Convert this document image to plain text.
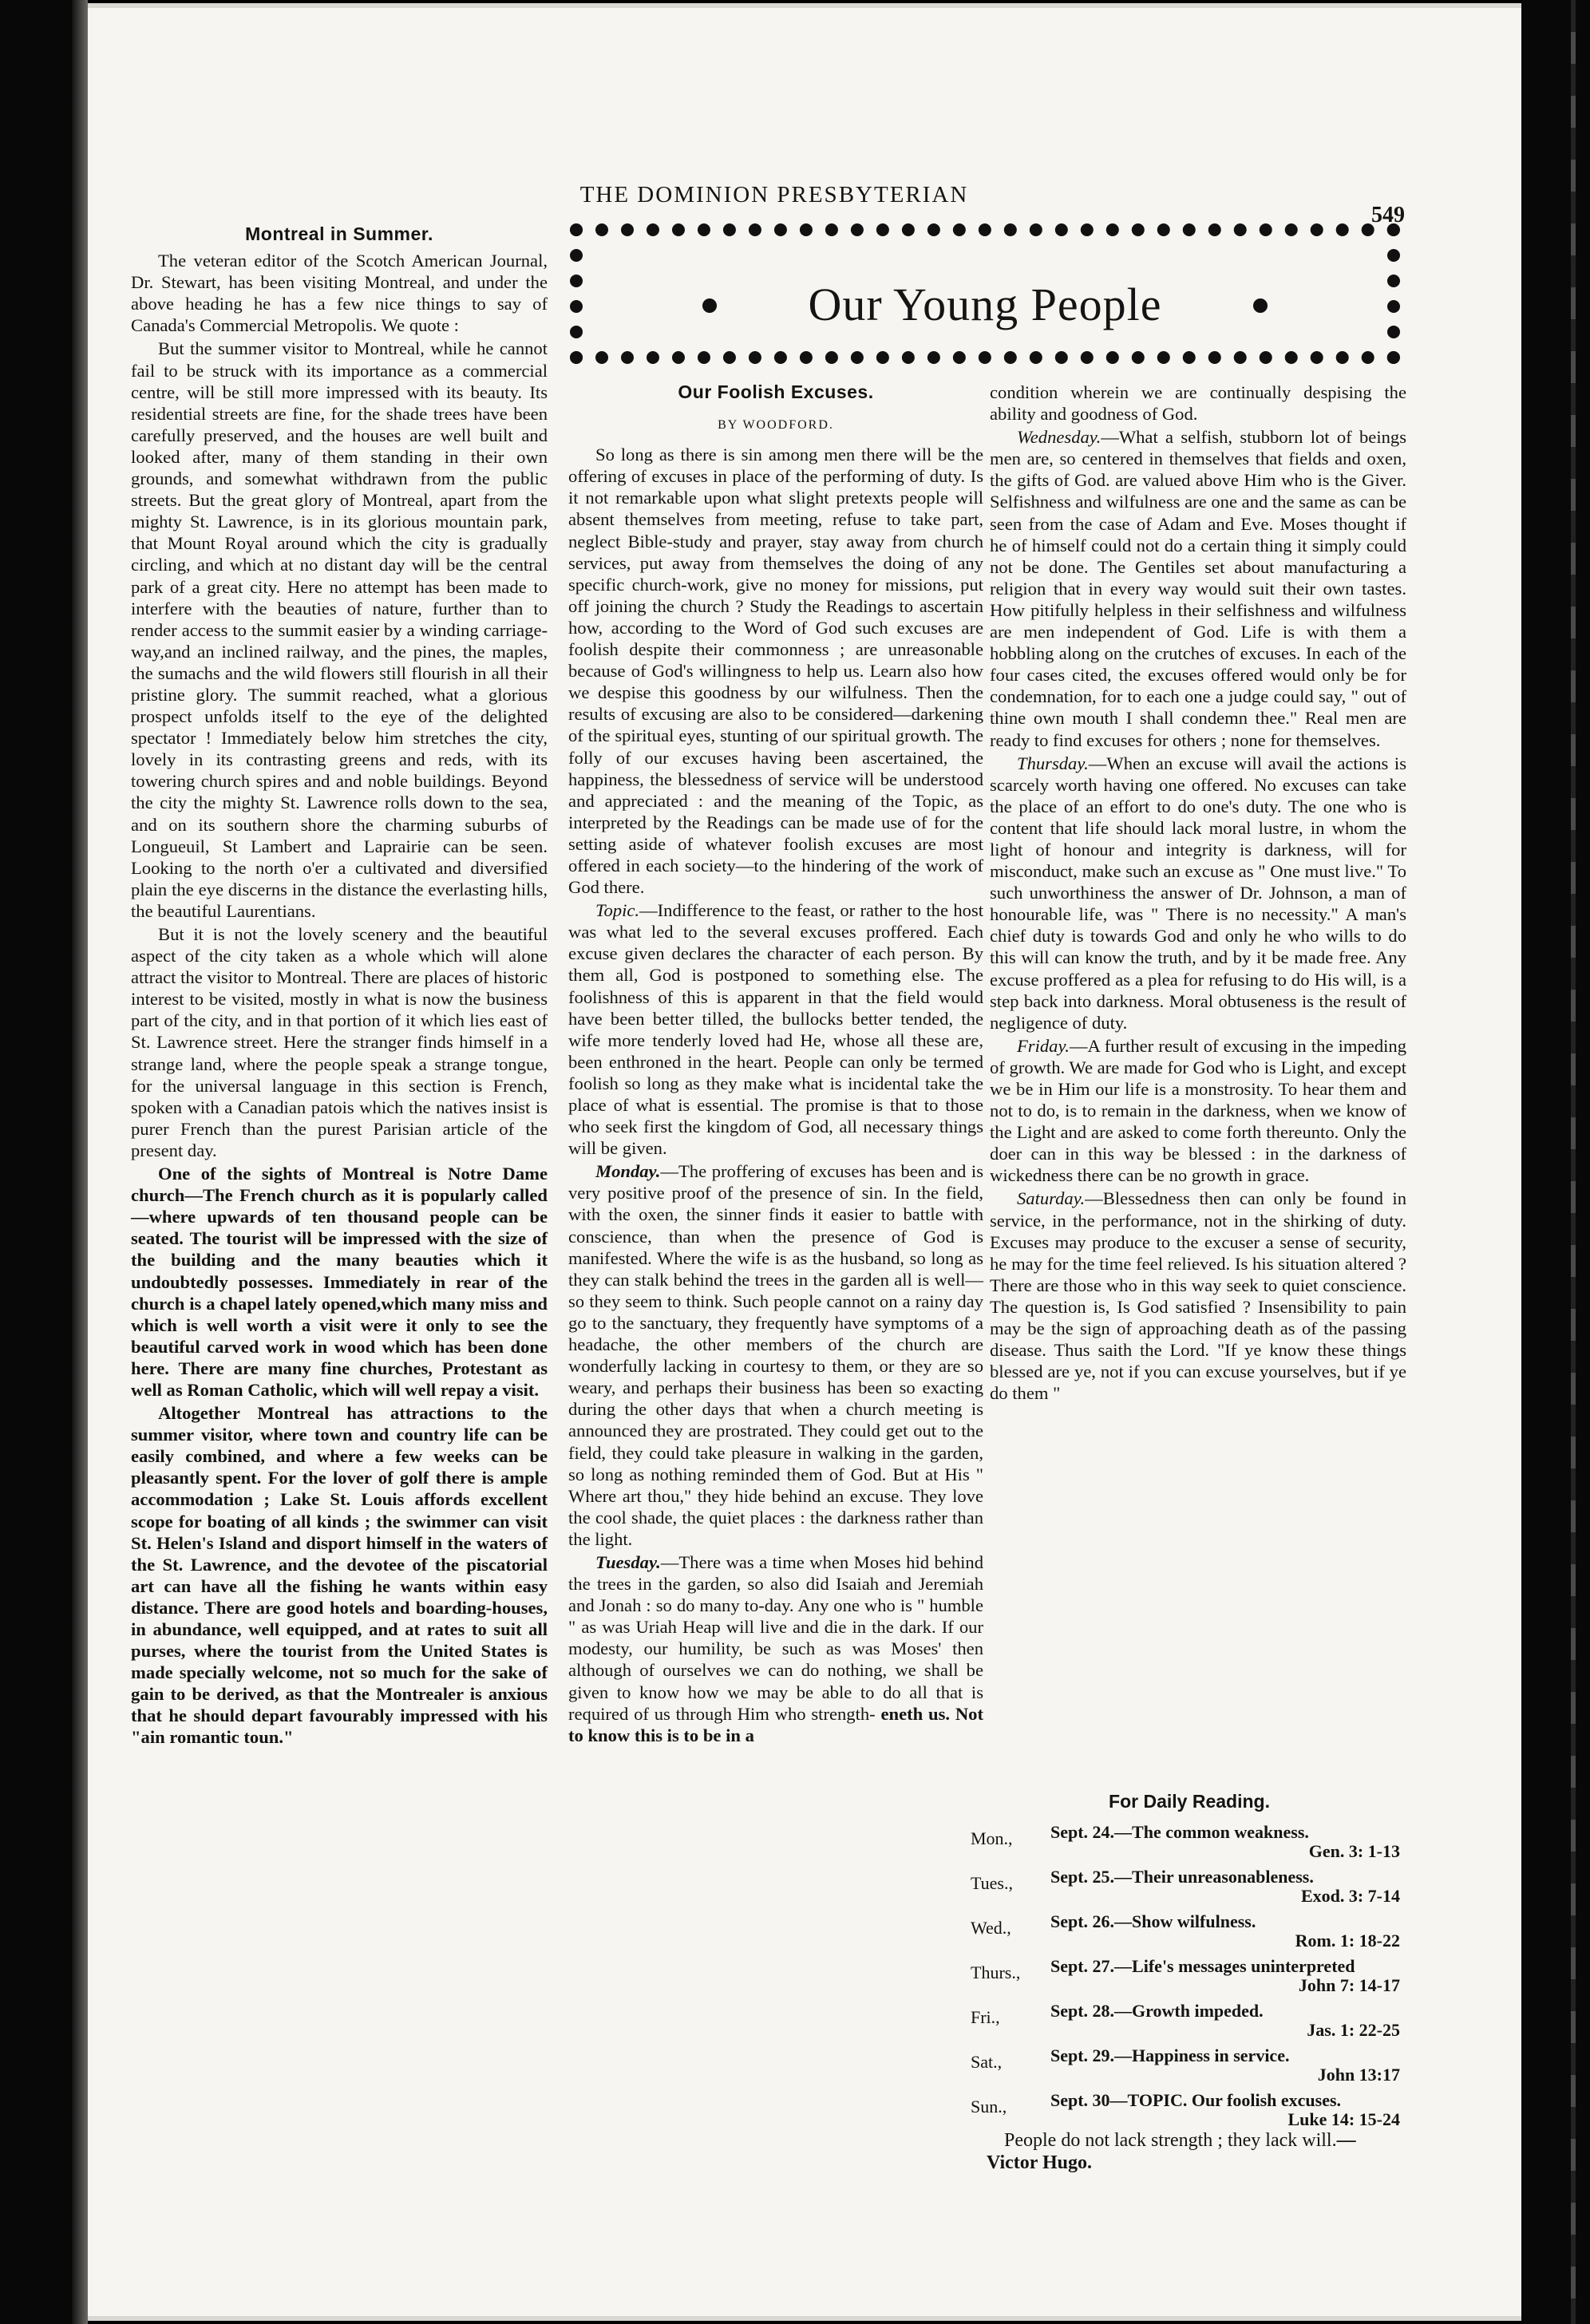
THE DOMINION PRESBYTERIAN
549
Montreal in Summer.

The veteran editor of the Scotch American Journal, Dr. Stewart, has been visiting Montreal, and under the above heading he has a few nice things to say of Canada's Commercial Metropolis. We quote :

But the summer visitor to Montreal, while he cannot fail to be struck with its importance as a commercial centre, will be still more impressed with its beauty. Its residential streets are fine, for the shade trees have been carefully preserved, and the houses are well built and looked after, many of them standing in their own grounds, and somewhat withdrawn from the public streets. But the great glory of Montreal, apart from the mighty St. Lawrence, is in its glorious mountain park, that Mount Royal around which the city is gradually circling, and which at no distant day will be the central park of a great city. Here no attempt has been made to interfere with the beauties of nature, further than to render access to the summit easier by a winding carriage-way,and an inclined railway, and the pines, the maples, the sumachs and the wild flowers still flourish in all their pristine glory. The summit reached, what a glorious prospect unfolds itself to the eye of the delighted spectator ! Immediately below him stretches the city, lovely in its contrasting greens and reds, with its towering church spires and and noble buildings. Beyond the city the mighty St. Lawrence rolls down to the sea, and on its southern shore the charming suburbs of Longueuil, St Lambert and Laprairie can be seen. Looking to the north o'er a cultivated and diversified plain the eye discerns in the distance the everlasting hills, the beautiful Laurentians.

But it is not the lovely scenery and the beautiful aspect of the city taken as a whole which will alone attract the visitor to Montreal. There are places of historic interest to be visited, mostly in what is now the business part of the city, and in that portion of it which lies east of St. Lawrence street. Here the stranger finds himself in a strange land, where the people speak a strange tongue, for the universal language in this section is French, spoken with a Canadian patois which the natives insist is purer French than the purest Parisian article of the present day.

One of the sights of Montreal is Notre Dame church—The French church as it is popularly called—where upwards of ten thousand people can be seated. The tourist will be impressed with the size of the building and the many beauties which it undoubtedly possesses. Immediately in rear of the church is a chapel lately opened,which many miss and which is well worth a visit were it only to see the beautiful carved work in wood which has been done here. There are many fine churches, Protestant as well as Roman Catholic, which will well repay a visit.

Altogether Montreal has attractions to the summer visitor, where town and country life can be easily combined, and where a few weeks can be pleasantly spent. For the lover of golf there is ample accommodation ; Lake St. Louis affords excellent scope for boating of all kinds ; the swimmer can visit St. Helen's Island and disport himself in the waters of the St. Lawrence, and the devotee of the piscatorial art can have all the fishing he wants within easy distance. There are good hotels and boarding-houses, in abundance, well equipped, and at rates to suit all purses, where the tourist from the United States is made specially welcome, not so much for the sake of gain to be derived, as that the Montrealer is anxious that he should depart favourably impressed with his "ain romantic toun."

Our Young People
Our Foolish Excuses.
BY WOODFORD.

So long as there is sin among men there will be the offering of excuses in place of the performing of duty. Is it not remarkable upon what slight pretexts people will absent themselves from meeting, refuse to take part, neglect Bible-study and prayer, stay away from church services, put away from themselves the doing of any specific church-work, give no money for missions, put off joining the church ? Study the Readings to ascertain how, according to the Word of God such excuses are foolish despite their commonness ; are unreasonable because of God's willingness to help us. Learn also how we despise this goodness by our wilfulness. Then the results of excusing are also to be considered—darkening of the spiritual eyes, stunting of our spiritual growth. The folly of our excuses having been ascertained, the happiness, the blessedness of service will be understood and appreciated : and the meaning of the Topic, as interpreted by the Readings can be made use of for the setting aside of whatever foolish excuses are most offered in each society—to the hindering of the work of God there.

Topic.—Indifference to the feast, or rather to the host was what led to the several excuses proffered. Each excuse given declares the character of each person. By them all, God is postponed to something else. The foolishness of this is apparent in that the field would have been better tilled, the bullocks better tended, the wife more tenderly loved had He, whose all these are, been enthroned in the heart. People can only be termed foolish so long as they make what is incidental take the place of what is essential. The promise is that to those who seek first the kingdom of God, all necessary things will be given.

Monday.—The proffering of excuses has been and is very positive proof of the presence of sin. In the field, with the oxen, the sinner finds it easier to battle with conscience, than when the presence of God is manifested. Where the wife is as the husband, so long as they can stalk behind the trees in the garden all is well—so they seem to think. Such people cannot on a rainy day go to the sanctuary, they frequently have symptoms of a headache, the other members of the church are wonderfully lacking in courtesy to them, or they are so weary, and perhaps their business has been so exacting during the other days that when a church meeting is announced they are prostrated. They could get out to the field, they could take pleasure in walking in the garden, so long as nothing reminded them of God. But at His " Where art thou," they hide behind an excuse. They love the cool shade, the quiet places : the darkness rather than the light.

Tuesday.—There was a time when Moses hid behind the trees in the garden, so also did Isaiah and Jeremiah and Jonah : so do many to-day. Any one who is " humble " as was Uriah Heap will live and die in the dark. If our modesty, our humility, be such as was Moses' then although of ourselves we can do nothing, we shall be given to know how we may be able to do all that is required of us through Him who strength- eneth us. Not to know this is to be in a

condition wherein we are continually despising the ability and goodness of God.

Wednesday.—What a selfish, stubborn lot of beings men are, so centered in themselves that fields and oxen, the gifts of God. are valued above Him who is the Giver. Selfishness and wilfulness are one and the same as can be seen from the case of Adam and Eve. Moses thought if he of himself could not do a certain thing it simply could not be done. The Gentiles set about manufacturing a religion that in every way would suit their own tastes. How pitifully helpless in their selfishness and wilfulness are men independent of God. Life is with them a hobbling along on the crutches of excuses. In each of the four cases cited, the excuses offered would only be for condemnation, for to each one a judge could say, " out of thine own mouth I shall condemn thee." Real men are ready to find excuses for others ; none for themselves.

Thursday.—When an excuse will avail the actions is scarcely worth having one offered. No excuses can take the place of an effort to do one's duty. The one who is content that life should lack moral lustre, in whom the light of honour and integrity is darkness, will for misconduct, make such an excuse as " One must live." To such unworthiness the answer of Dr. Johnson, a man of honourable life, was " There is no necessity." A man's chief duty is towards God and only he who wills to do this will can know the truth, and by it be made free. Any excuse proffered as a plea for refusing to do His will, is a step back into darkness. Moral obtuseness is the result of negligence of duty.

Friday.—A further result of excusing in the impeding of growth. We are made for God who is Light, and except we be in Him our life is a monstrosity. To hear them and not to do, is to remain in the darkness, when we know of the Light and are asked to come forth thereunto. Only the doer can in this way be blessed : in the darkness of wickedness there can be no growth in grace.

Saturday.—Blessedness then can only be found in service, in the performance, not in the shirking of duty. Excuses may produce to the excuser a sense of security, he may for the time feel relieved. Is his situation altered ? There are those who in this way seek to quiet conscience. The question is, Is God satisfied ? Insensibility to pain may be the sign of approaching death as of the passing disease. Thus saith the Lord. "If ye know these things blessed are ye, not if you can excuse yourselves, but if ye do them "

For Daily Reading.
Mon., Sept. 24.—The common weakness.
Gen. 3: 1-13
Tues., Sept. 25.—Their unreasonableness.
Exod. 3: 7-14
Wed., Sept. 26.—Show wilfulness.
Rom. 1: 18-22
Thurs., Sept. 27.—Life's messages uninterpreted
John 7: 14-17
Fri.,	Sept. 28.—Growth impeded.
Jas. 1: 22-25
Sat.,	Sept. 29.—Happiness in service.
John 13:17
Sun., Sept. 30—TOPIC. Our foolish excuses.
Luke 14: 15-24
People do not lack strength ; they lack will.—Victor Hugo.
